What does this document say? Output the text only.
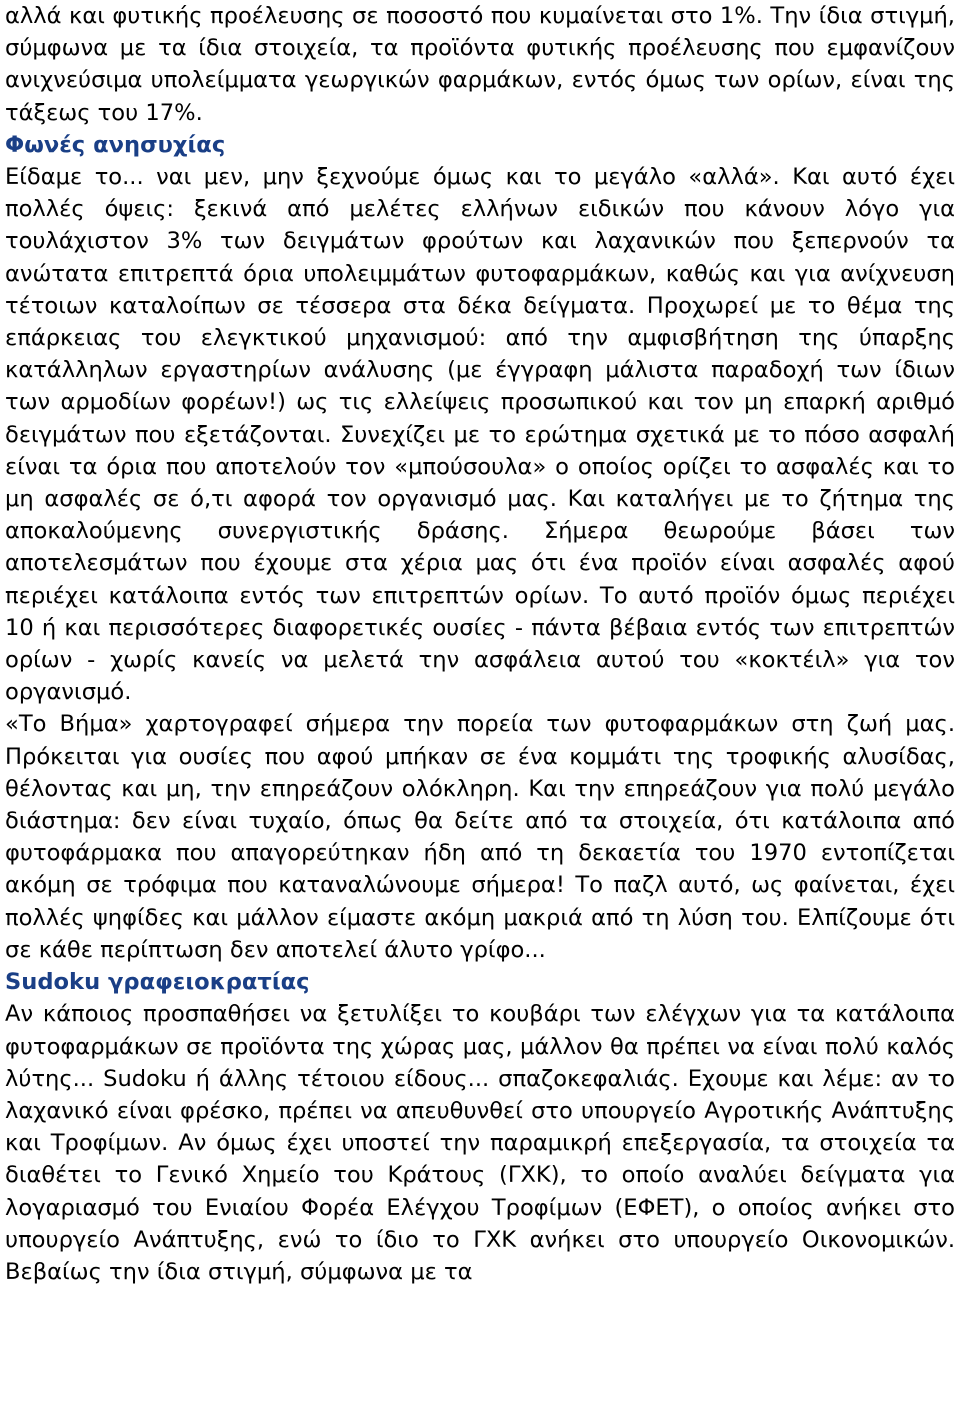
αλλά και φυτικής προέλευσης σε ποσοστό που κυμαίνεται στο 1%. Την ίδια στιγμή, σύμφωνα με τα ίδια στοιχεία, τα προϊόντα φυτικής προέλευσης που εμφανίζουν ανιχνεύσιμα υπολείμματα γεωργικών φαρμάκων, εντός όμως των ορίων, είναι της τάξεως του 17%.

Φωνές ανησυχίας

Είδαμε το... ναι μεν, μην ξεχνούμε όμως και το μεγάλο «αλλά». Και αυτό έχει πολλές όψεις: ξεκινά από μελέτες ελλήνων ειδικών που κάνουν λόγο για τουλάχιστον 3% των δειγμάτων φρούτων και λαχανικών που ξεπερνούν τα ανώτατα επιτρεπτά όρια υπολειμμάτων φυτοφαρμάκων, καθώς και για ανίχνευση τέτοιων καταλοίπων σε τέσσερα στα δέκα δείγματα. Προχωρεί με το θέμα της επάρκειας του ελεγκτικού μηχανισμού: από την αμφισβήτηση της ύπαρξης κατάλληλων εργαστηρίων ανάλυσης (με έγγραφη μάλιστα παραδοχή των ίδιων των αρμοδίων φορέων!) ως τις ελλείψεις προσωπικού και τον μη επαρκή αριθμό δειγμάτων που εξετάζονται. Συνεχίζει με το ερώτημα σχετικά με το πόσο ασφαλή είναι τα όρια που αποτελούν τον «μπούσουλα» ο οποίος ορίζει το ασφαλές και το μη ασφαλές σε ό,τι αφορά τον οργανισμό μας. Και καταλήγει με το ζήτημα της αποκαλούμενης συνεργιστικής δράσης. Σήμερα θεωρούμε βάσει των αποτελεσμάτων που έχουμε στα χέρια μας ότι ένα προϊόν είναι ασφαλές αφού περιέχει κατάλοιπα εντός των επιτρεπτών ορίων. Το αυτό προϊόν όμως περιέχει 10 ή και περισσότερες διαφορετικές ουσίες - πάντα βέβαια εντός των επιτρεπτών ορίων - χωρίς κανείς να μελετά την ασφάλεια αυτού του «κοκτέιλ» για τον οργανισμό.

«Το Βήμα» χαρτογραφεί σήμερα την πορεία των φυτοφαρμάκων στη ζωή μας. Πρόκειται για ουσίες που αφού μπήκαν σε ένα κομμάτι της τροφικής αλυσίδας, θέλοντας και μη, την επηρεάζουν ολόκληρη. Και την επηρεάζουν για πολύ μεγάλο διάστημα: δεν είναι τυχαίο, όπως θα δείτε από τα στοιχεία, ότι κατάλοιπα από φυτοφάρμακα που απαγορεύτηκαν ήδη από τη δεκαετία του 1970 εντοπίζεται ακόμη σε τρόφιμα που καταναλώνουμε σήμερα! Το παζλ αυτό, ως φαίνεται, έχει πολλές ψηφίδες και μάλλον είμαστε ακόμη μακριά από τη λύση του. Ελπίζουμε ότι σε κάθε περίπτωση δεν αποτελεί άλυτο γρίφο...

Sudoku γραφειοκρατίας

Αν κάποιος προσπαθήσει να ξετυλίξει το κουβάρι των ελέγχων για τα κατάλοιπα φυτοφαρμάκων σε προϊόντα της χώρας μας, μάλλον θα πρέπει να είναι πολύ καλός λύτης... Sudoku ή άλλης τέτοιου είδους... σπαζοκεφαλιάς. Εχουμε και λέμε: αν το λαχανικό είναι φρέσκο, πρέπει να απευθυνθεί στο υπουργείο Αγροτικής Ανάπτυξης και Τροφίμων. Αν όμως έχει υποστεί την παραμικρή επεξεργασία, τα στοιχεία τα διαθέτει το Γενικό Χημείο του Κράτους (ΓΧΚ), το οποίο αναλύει δείγματα για λογαριασμό του Ενιαίου Φορέα Ελέγχου Τροφίμων (ΕΦΕΤ), ο οποίος ανήκει στο υπουργείο Ανάπτυξης, ενώ το ίδιο το ΓΧΚ ανήκει στο υπουργείο Οικονομικών. Βεβαίως την ίδια στιγμή, σύμφωνα με τα
